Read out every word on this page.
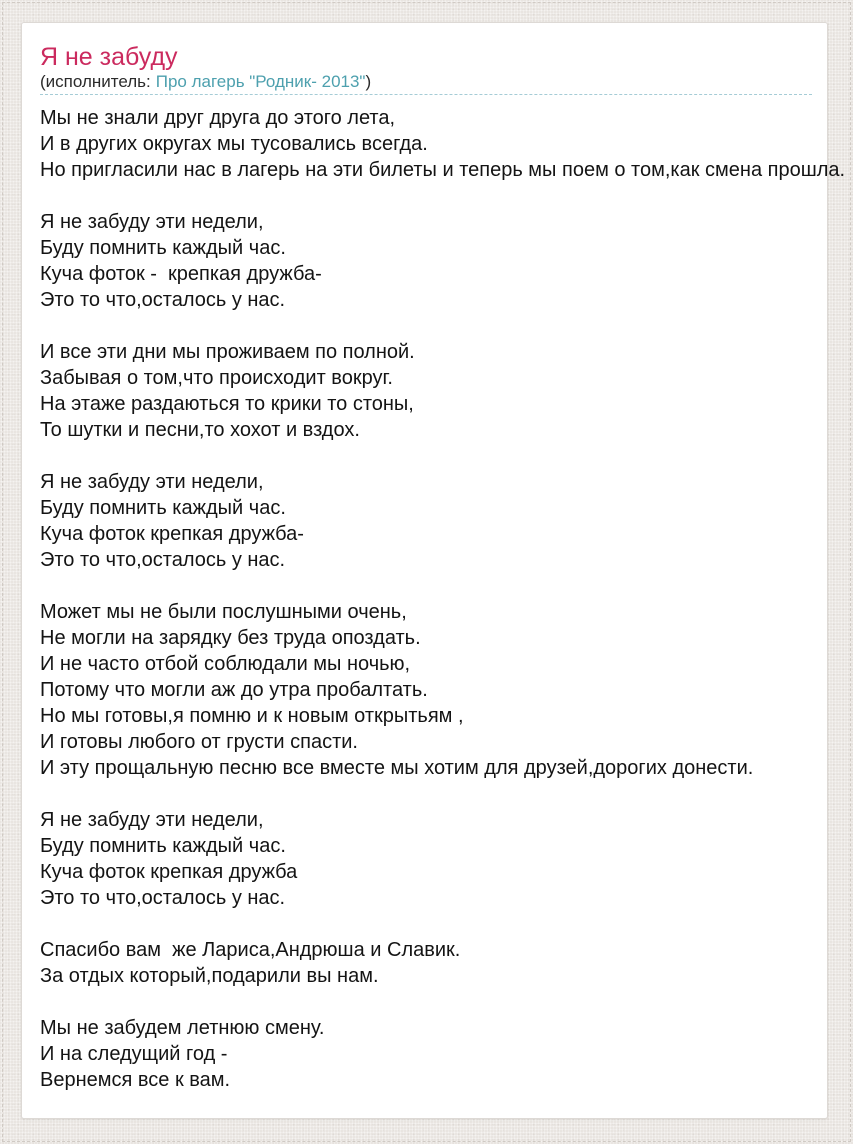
Я не забуду
(исполнитель: Про лагерь "Родник- 2013")
Мы не знали друг друга до этого лета,
И в других округах мы тусовались всегда.
Но пригласили нас в лагерь на эти билеты и теперь мы поем о том,как смена прошла.
Я не забуду эти недели,
Буду помнить каждый час.
Куча фоток -  крепкая дружба-
Это то что,осталось у нас.
И все эти дни мы проживаем по полной.
Забывая о том,что происходит вокруг.
На этаже раздаються то крики то стоны,
То шутки и песни,то хохот и вздох.
Я не забуду эти недели,
Буду помнить каждый час.
Куча фоток крепкая дружба-
Это то что,осталось у нас.
Может мы не были послушными очень,
Не могли на зарядку без труда опоздать.
И не часто отбой соблюдали мы ночью,
Потому что могли аж до утра пробалтать.
Но мы готовы,я помню и к новым открытьям ,
И готовы любого от грусти спасти.
И эту прощальную песню все вместе мы хотим для друзей,дорогих донести.
Я не забуду эти недели,
Буду помнить каждый час.
Куча фоток крепкая дружба
Это то что,осталось у нас.
Спасибо вам  же Лариса,Андрюша и Славик.
За отдых который,подарили вы нам.
Мы не забудем летнюю смену.
И на следущий год -
Вернемся все к вам.
